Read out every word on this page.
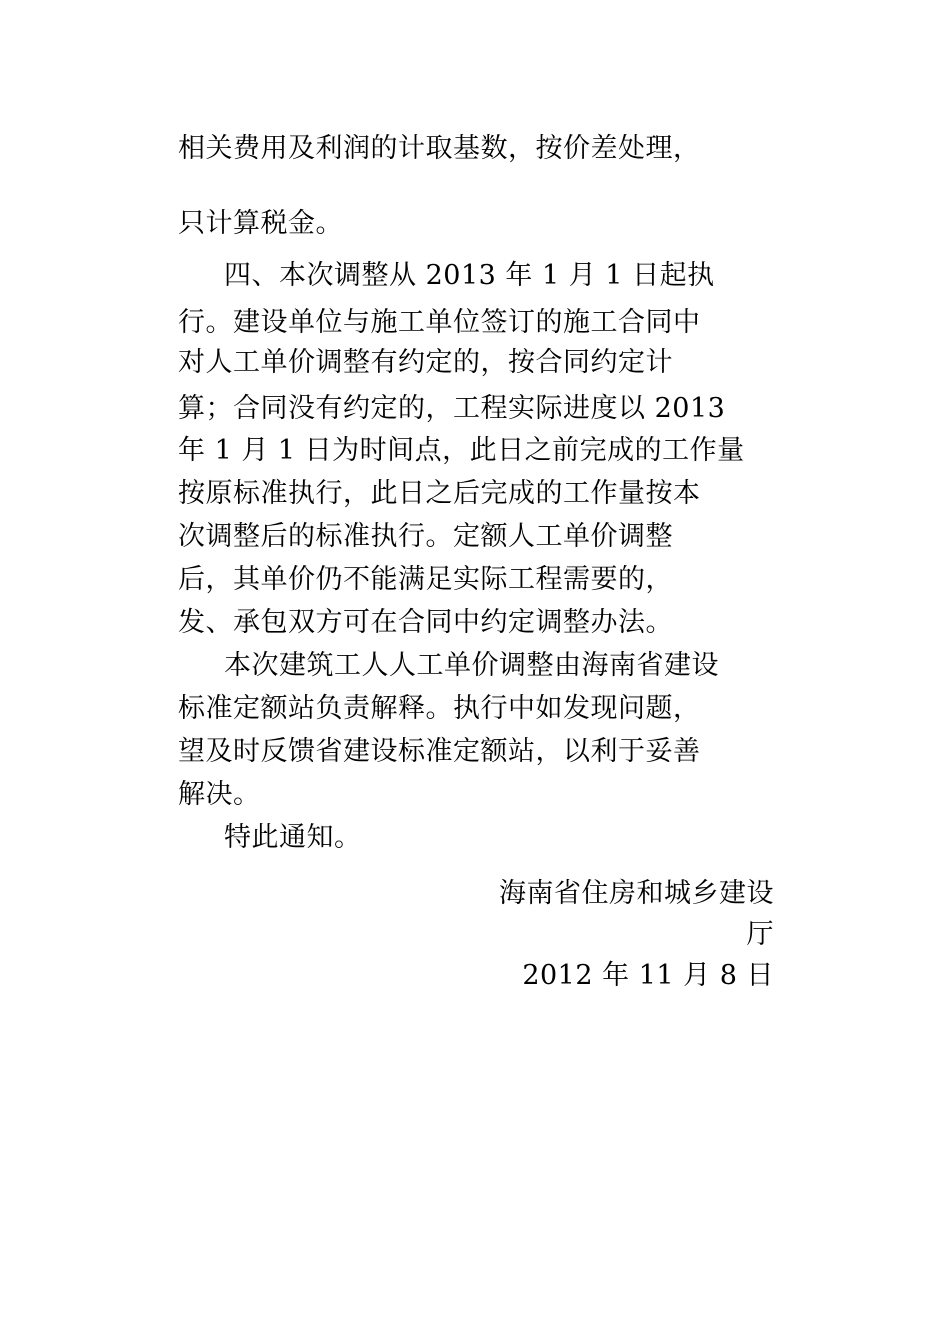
相关费用及利润的计取基数，按价差处理，
只计算税金。
四、本次调整从 2013 年 1 月 1 日起执
行。建设单位与施工单位签订的施工合同中
对人工单价调整有约定的，按合同约定计
算；合同没有约定的，工程实际进度以 2013
年 1 月 1 日为时间点，此日之前完成的工作量
按原标准执行，此日之后完成的工作量按本
次调整后的标准执行。定额人工单价调整
后，其单价仍不能满足实际工程需要的，
发、承包双方可在合同中约定调整办法。
本次建筑工人人工单价调整由海南省建设
标准定额站负责解释。执行中如发现问题，
望及时反馈省建设标准定额站，以利于妥善
解决。
特此通知。
海南省住房和城乡建设
厅
2012 年 11 月 8 日
